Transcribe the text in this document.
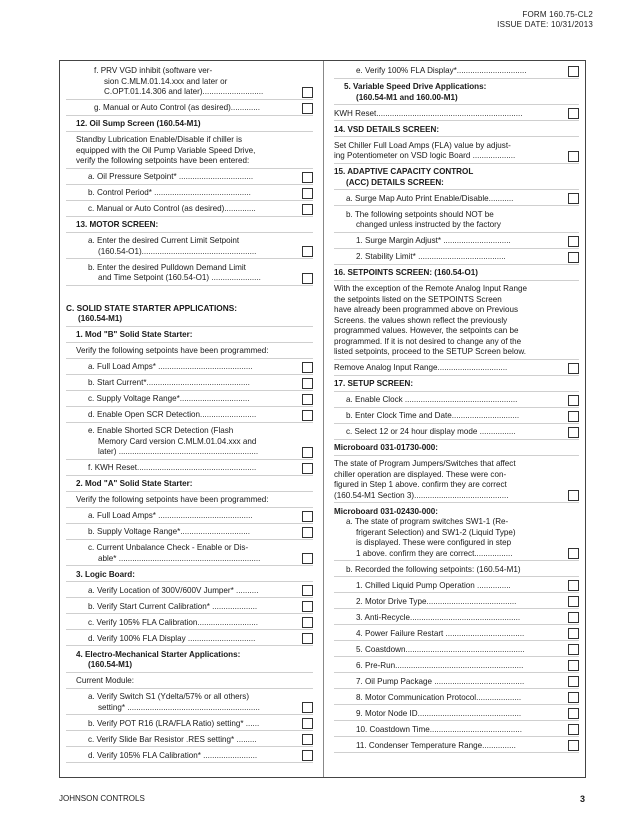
FORM 160.75-CL2
ISSUE DATE: 10/31/2013
f. PRV VGD inhibit (software ver-
sion C.MLM.01.14.xxx and later or
C.OPT.01.14.306 and later)...........................
g. Manual or Auto Control (as desired).............
12. Oil Sump Screen (160.54-M1)
Standby Lubrication Enable/Disable if chiller is
equipped with the Oil Pump Variable Speed Drive,
verify the following setpoints have been entered:
a. Oil Pressure Setpoint* .................................
b. Control Period* ...........................................
c. Manual or Auto Control (as desired)..............
13. MOTOR SCREEN:
a. Enter the desired Current Limit Setpoint
(160.54-O1)...................................................
b. Enter the desired Pulldown Demand Limit
and Time Setpoint (160.54-O1) ......................
C. SOLID STATE STARTER APPLICATIONS:
(160.54-M1)
1. Mod "B" Solid State Starter:
Verify the following setpoints have been programmed:
a. Full Load Amps* ..........................................
b. Start Current*..............................................
c. Supply Voltage Range*...............................
d. Enable Open SCR Detection.........................
e. Enable Shorted SCR Detection (Flash
Memory Card version C.MLM.01.04.xxx and
later) ..............................................................
f. KWH Reset.....................................................
2. Mod "A" Solid State Starter:
Verify the following setpoints have been programmed:
a. Full Load Amps* ..........................................
b. Supply Voltage Range*...............................
c. Current Unbalance Check - Enable or Dis-
able* ...............................................................
3. Logic Board:
a. Verify Location of 300V/600V Jumper* ..........
b. Verify Start Current Calibration* ....................
c. Verify 105% FLA Calibration...........................
d. Verify 100% FLA Display ..............................
4. Electro-Mechanical Starter Applications:
(160.54-M1)
Current Module:
a. Verify Switch S1 (Ydelta/57% or all others)
setting* ...........................................................
b. Verify POT R16 (LRA/FLA Ratio) setting* ......
c. Verify Slide Bar Resistor .RES setting* .........
d. Verify 105% FLA Calibration* ........................
e. Verify 100% FLA Display*...............................
5. Variable Speed Drive Applications:
(160.54-M1 and 160.00-M1)
KWH Reset.................................................................
14. VSD DETAILS SCREEN:
Set Chiller Full Load Amps (FLA) value by adjust-
ing Potentiometer on VSD logic Board ...................
15. ADAPTIVE CAPACITY CONTROL
(ACC) DETAILS SCREEN:
a. Surge Map Auto Print Enable/Disable...........
b. The following setpoints should NOT be
changed unless instructed by the factory
1. Surge Margin Adjust* ..............................
2. Stability Limit* .......................................
16. SETPOINTS SCREEN: (160.54-O1)
With the exception of the Remote Analog Input Range
the setpoints listed on the SETPOINTS Screen
have already been programmed above on Previous
Screens. the values shown reflect the previously
programmed values. However, the setpoints can be
programmed. If it is not desired to change any of the
listed setpoints, proceed to the SETUP Screen below.
Remove Analog Input Range...............................
17. SETUP SCREEN:
a. Enable Clock ..................................................
b. Enter Clock Time and Date..............................
c. Select 12 or 24 hour display mode ................
Microboard 031-01730-000:
The state of Program Jumpers/Switches that affect
chiller operation are displayed. These were con-
figured in Step 1 above. confirm they are correct
(160.54-M1 Section 3)..........................................
Microboard 031-02430-000:
a. The state of program switches SW1-1 (Re-
frigerant Selection) and SW1-2 (Liquid Type)
is displayed. These were configured in step
1 above. confirm they are correct.................
b. Recorded the following setpoints: (160.54-M1)
1. Chilled Liquid Pump Operation ...............
2. Motor Drive Type........................................
3. Anti-Recycle.................................................
4. Power Failure Restart ...................................
5. Coastdown.....................................................
6. Pre-Run.........................................................
7. Oil Pump Package ........................................
8. Motor Communication Protocol....................
9. Motor Node ID..............................................
10. Coastdown Time.........................................
11. Condenser Temperature Range...............
JOHNSON CONTROLS	3
